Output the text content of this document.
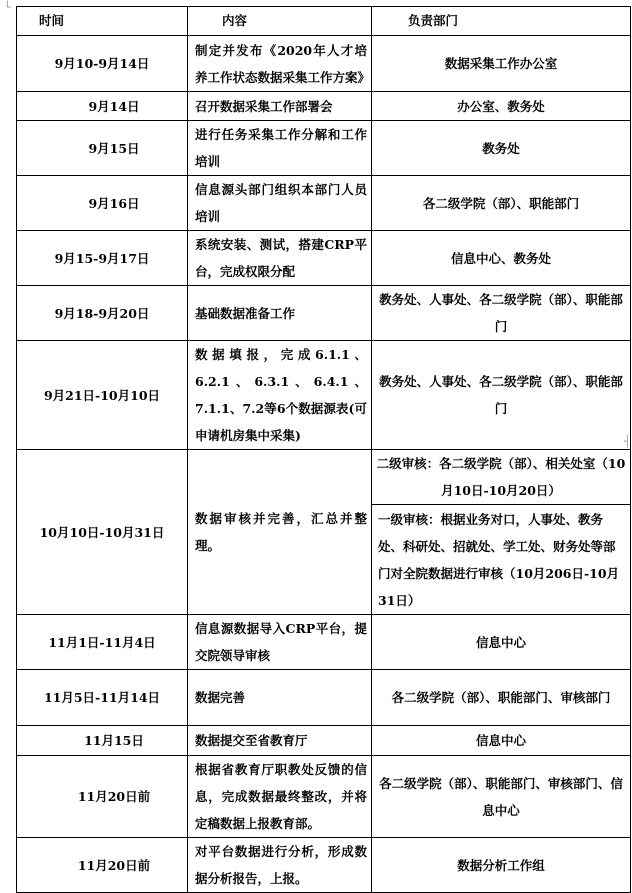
└
┤
时间	内容	负责部门
9月10-9月14日	制定并发布《2020年人才培养工作状态数据采集工作方案》	数据采集工作办公室
9月14日	召开数据采集工作部署会	办公室、教务处
9月15日	进行任务采集工作分解和工作培训	教务处
9月16日	信息源头部门组织本部门人员培训	各二级学院（部）、职能部门
9月15-9月17日	系统安装、测试，搭建CRP平台，完成权限分配	信息中心、教务处
9月18-9月20日	基础数据准备工作	教务处、人事处、各二级学院（部）、职能部门
9月21日-10月10日	数据填报，完成6.1.1、6.2.1、6.3.1、6.4.1、7.1.1、7.2等6个数据源表(可申请机房集中采集)	教务处、人事处、各二级学院（部）、职能部门
10月10日-10月31日	数据审核并完善，汇总并整理。	二级审核：各二级学院（部）、相关处室（10月10日-10月20日）
		一级审核：根据业务对口，人事处、教务处、科研处、招就处、学工处、财务处等部门对全院数据进行审核（10月206日-10月31日）
11月1日-11月4日	信息源数据导入CRP平台，提交院领导审核	信息中心
11月5日-11月14日	数据完善	各二级学院（部）、职能部门、审核部门
11月15日	数据提交至省教育厅	信息中心
11月20日前	根据省教育厅职教处反馈的信息，完成数据最终整改，并将定稿数据上报教育部。	各二级学院（部）、职能部门、审核部门、信息中心
11月20日前	对平台数据进行分析，形成数据分析报告，上报。	数据分析工作组
